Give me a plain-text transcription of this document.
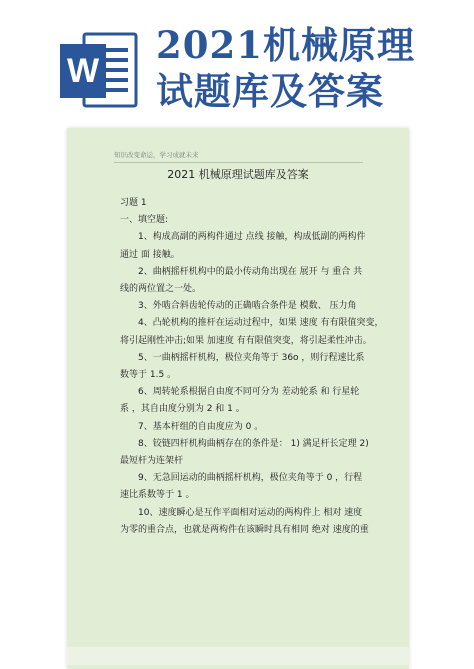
W
2021机械原理
试题库及答案
知识改变命运，学习成就未来
2021 机械原理试题库及答案
习题 1
一、填空题:
1、构成高副的两构件通过 点线 接触，构成低副的两构件
通过 面 接触。
2、曲柄摇杆机构中的最小传动角出现在 展开 与 重合 共
线的两位置之一处。
3、外啮合斜齿轮传动的正确啮合条件是 模数、 压力角
4、凸轮机构的推杆在运动过程中，如果 速度 有有限值突变，
将引起刚性冲击;如果 加速度 有有限值突变，将引起柔性冲击。
5、一曲柄摇杆机构，极位夹角等于 36o ，则行程速比系
数等于 1.5 。
6、周转轮系根据自由度不同可分为 差动轮系 和 行星轮
系 ，其自由度分别为 2 和 1 。
7、基本杆组的自由度应为 0 。
8、铰链四杆机构曲柄存在的条件是： 1) 满足杆长定理 2)
最短杆为连架杆
9、无急回运动的曲柄摇杆机构，极位夹角等于 0 ，行程
速比系数等于 1 。
10、速度瞬心是互作平面相对运动的两构件上 相对 速度
为零的重合点，也就是两构件在该瞬时具有相同 绝对 速度的重
